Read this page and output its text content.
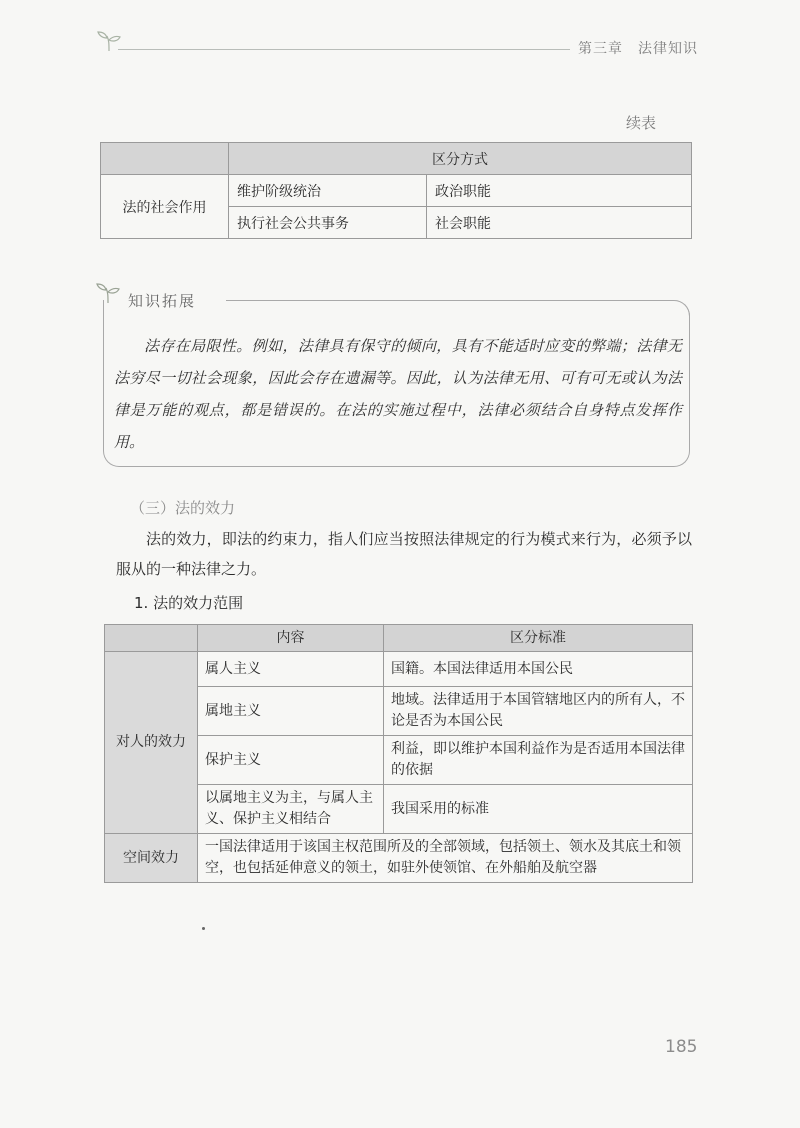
第三章　法律知识
续表
	区分方式	
法的社会作用	维护阶级统治	政治职能
	执行社会公共事务	社会职能
知识拓展
法存在局限性。例如，法律具有保守的倾向，具有不能适时应变的弊端；法律无法穷尽一切社会现象，因此会存在遗漏等。因此，认为法律无用、可有可无或认为法律是万能的观点，都是错误的。在法的实施过程中，法律必须结合自身特点发挥作用。
（三）法的效力
法的效力，即法的约束力，指人们应当按照法律规定的行为模式来行为，必须予以服从的一种法律之力。
1. 法的效力范围
	内容	区分标准
对人的效力	属人主义	国籍。本国法律适用本国公民
	属地主义	地域。法律适用于本国管辖地区内的所有人，不论是否为本国公民
	保护主义	利益，即以维护本国利益作为是否适用本国法律的依据
	以属地主义为主，与属人主义、保护主义相结合	我国采用的标准
空间效力	一国法律适用于该国主权范围所及的全部领域，包括领土、领水及其底土和领空，也包括延伸意义的领土，如驻外使领馆、在外船舶及航空器	
185
